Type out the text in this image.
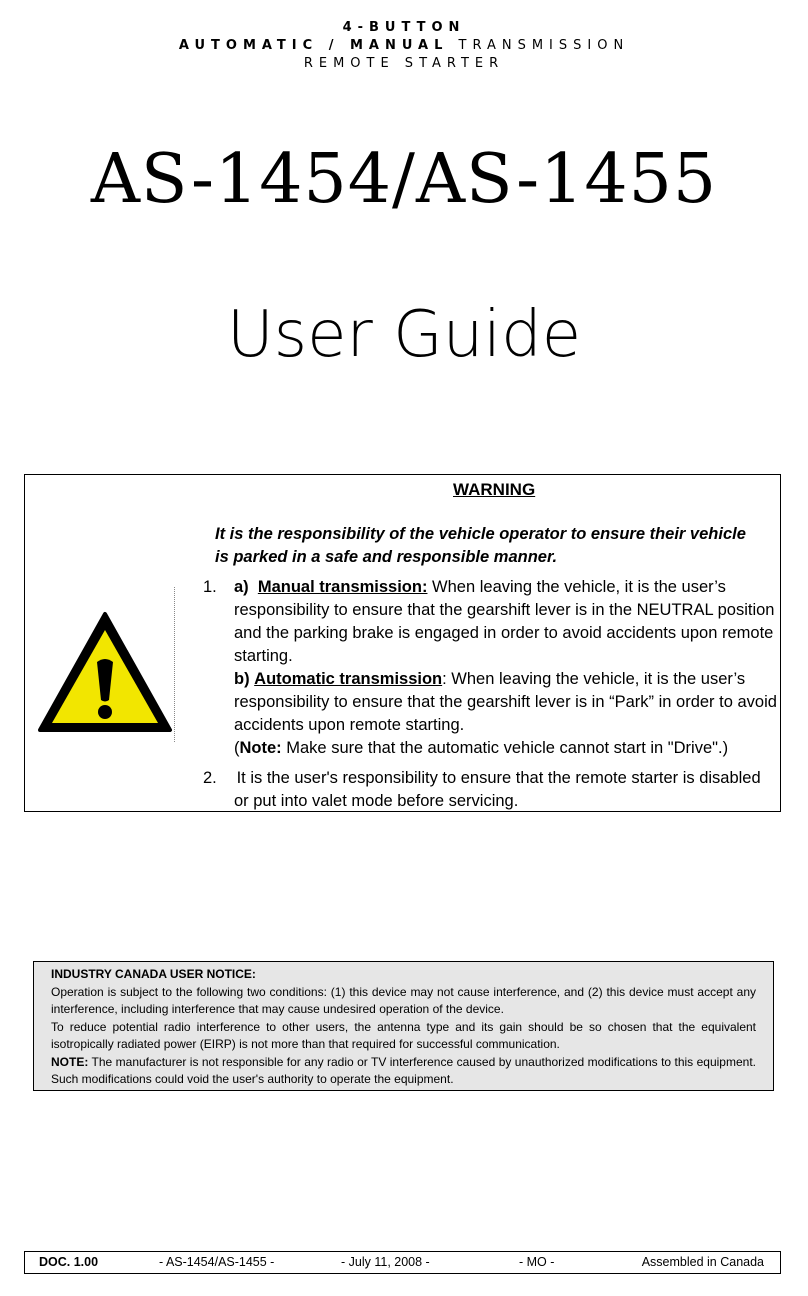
4-BUTTON
AUTOMATIC / MANUAL TRANSMISSION
REMOTE STARTER
AS-1454/AS-1455
User Guide
WARNING
It is the responsibility of the vehicle operator to ensure their vehicle is parked in a safe and responsible manner.
1.	a) Manual transmission: When leaving the vehicle, it is the user’s responsibility to ensure that the gearshift lever is in the NEUTRAL position and the parking brake is engaged in order to avoid accidents upon remote starting.
b) Automatic transmission: When leaving the vehicle, it is the user’s responsibility to ensure that the gearshift lever is in “Park” in order to avoid accidents upon remote starting.
(Note: Make sure that the automatic vehicle cannot start in "Drive".)
2.	It is the user's responsibility to ensure that the remote starter is disabled or put into valet mode before servicing.

INDUSTRY CANADA USER NOTICE:

Operation is subject to the following two conditions: (1) this device may not cause interference, and (2) this device must accept any interference, including interference that may cause undesired operation of the device.

To reduce potential radio interference to other users, the antenna type and its gain should be so chosen that the equivalent isotropically radiated power (EIRP) is not more than that required for successful communication.

NOTE: The manufacturer is not responsible for any radio or TV interference caused by unauthorized modifications to this equipment. Such modifications could void the user's authority to operate the equipment.

DOC. 1.00	- AS-1454/AS-1455 -	- July 11, 2008 -	- MO -	Assembled in Canada
